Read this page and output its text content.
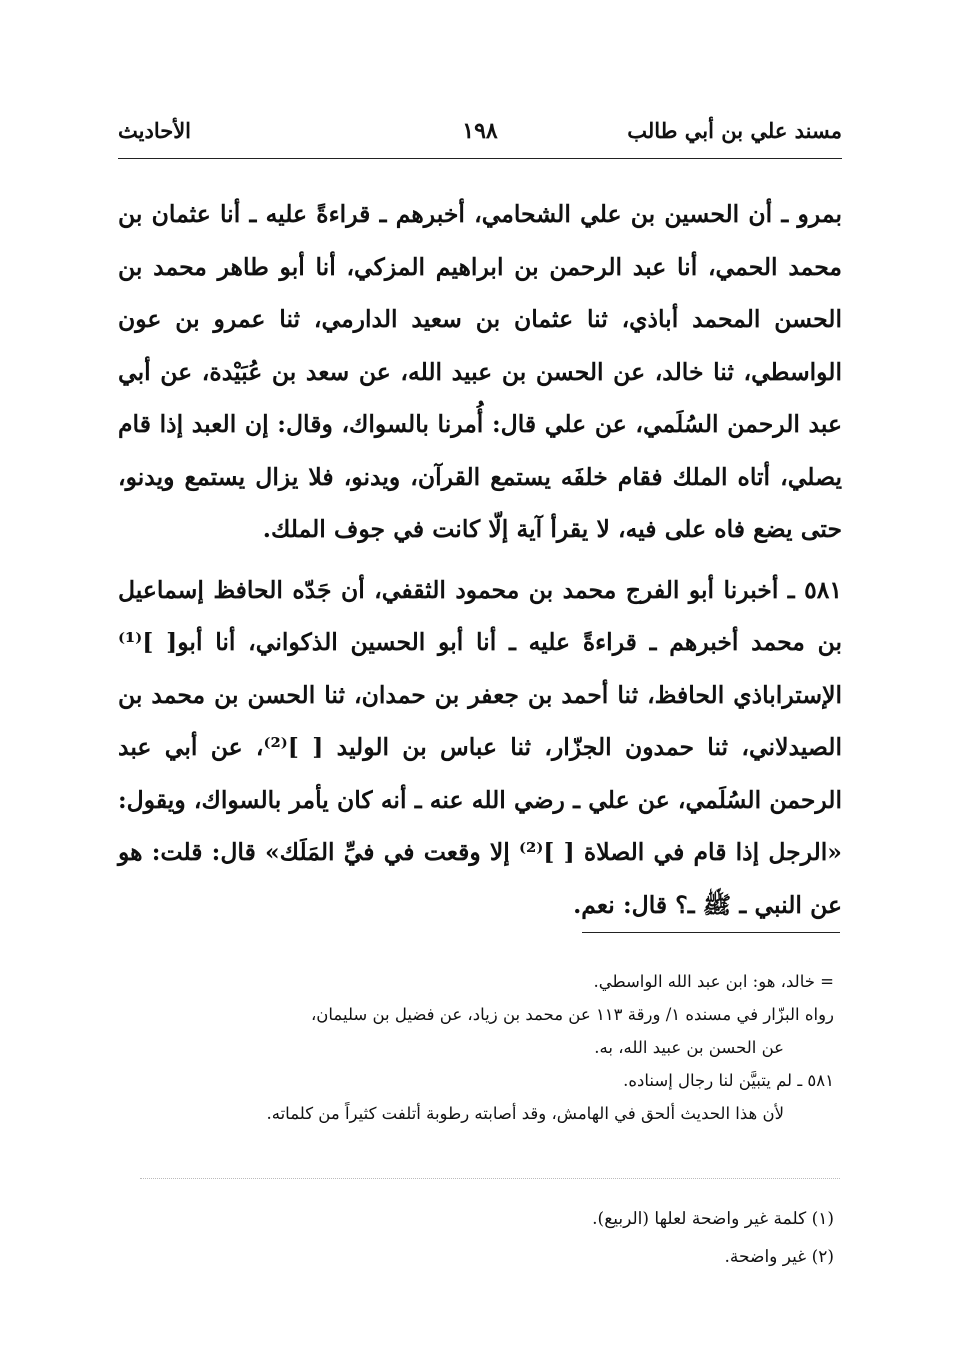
مسند علي بن أبي طالب
١٩٨
الأحاديث

بمرو ـ أن الحسين بن علي الشحامي، أخبرهم ـ قراءةً عليه ـ أنا عثمان بن محمد الحمي، أنا عبد الرحمن بن ابراهيم المزكي، أنا أبو طاهر محمد بن الحسن المحمد أباذي، ثنا عثمان بن سعيد الدارمي، ثنا عمرو بن عون الواسطي، ثنا خالد، عن الحسن بن عبيد الله، عن سعد بن عُبَيْدة، عن أبي عبد الرحمن السُلَمي، عن علي قال: أُمرنا بالسواك، وقال: إن العبد إذا قام يصلي، أتاه الملك فقام خلفَه يستمع القرآن، ويدنو، فلا يزال يستمع ويدنو، حتى يضع فاه على فيه، لا يقرأ آية إلّا كانت في جوف الملك.

٥٨١ ـ أخبرنا أبو الفرج محمد بن محمود الثقفي، أن جَدّه الحافظ إسماعيل بن محمد أخبرهم ـ قراءةً عليه ـ أنا أبو الحسين الذكواني، أنا أبو[ ]⁽¹⁾ الإستراباذي الحافظ، ثنا أحمد بن جعفر بن حمدان، ثنا الحسن بن محمد بن الصيدلاني، ثنا حمدون الجزّار، ثنا عباس بن الوليد [ ]⁽²⁾، عن أبي عبد الرحمن السُلَمي، عن علي ـ رضي الله عنه ـ أنه كان يأمر بالسواك، ويقول: «الرجل إذا قام في الصلاة [ ]⁽²⁾ إلا وقعت في فيِّ المَلَك» قال: قلت: هو عن النبي ـ ﷺ ـ؟ قال: نعم.

= خالد، هو: ابن عبد الله الواسطي.
رواه البزّار في مسنده ١/ ورقة ١١٣ عن محمد بن زياد، عن فضيل بن سليمان،
عن الحسن بن عبيد الله، به.
٥٨١ ـ لم يتبيَّن لنا رجال إسناده.
لأن هذا الحديث ألحق في الهامش، وقد أصابته رطوبة أتلفت كثيراً من كلماته.
(١) كلمة غير واضحة لعلها (الربيع).
(٢) غير واضحة.
